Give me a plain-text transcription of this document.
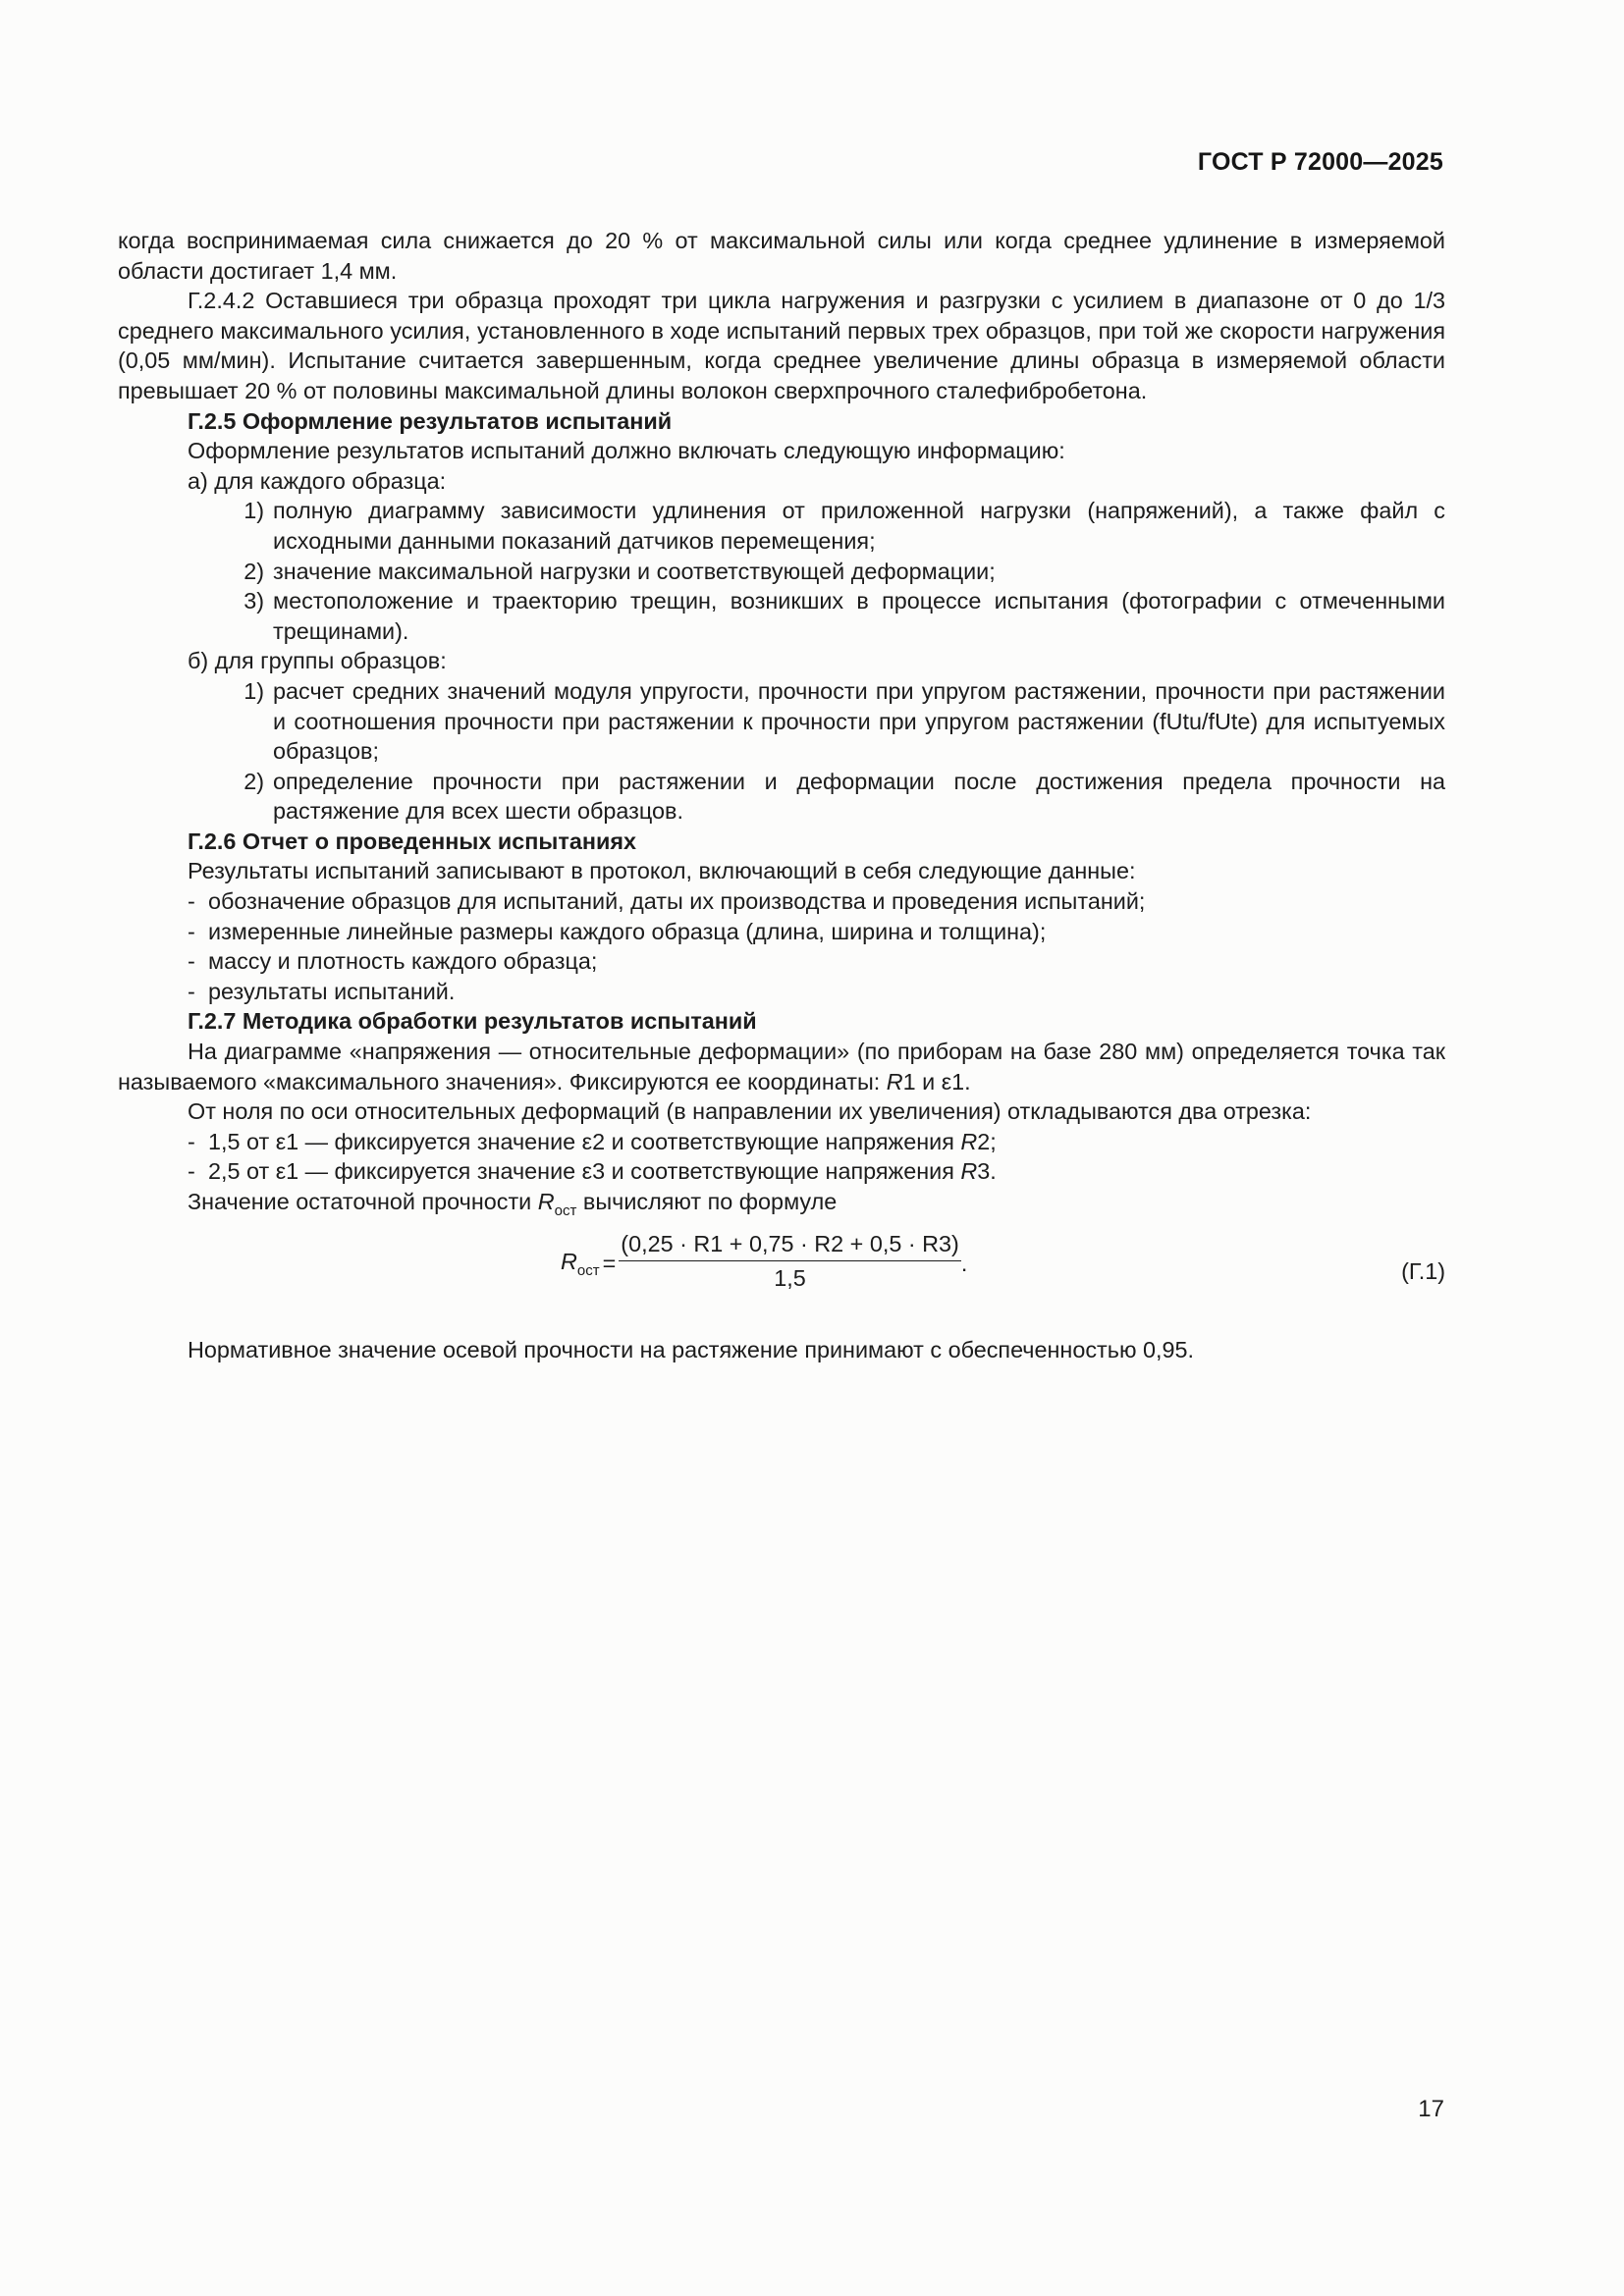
ГОСТ Р 72000—2025

когда воспринимаемая сила снижается до 20 % от максимальной силы или когда среднее удлинение в измеряемой области достигает 1,4 мм.

Г.2.4.2 Оставшиеся три образца проходят три цикла нагружения и разгрузки с усилием в диапазоне от 0 до 1/3 среднего максимального усилия, установленного в ходе испытаний первых трех образцов, при той же скорости нагружения (0,05 мм/мин). Испытание считается завершенным, когда среднее увеличение длины образца в измеряемой области превышает 20 % от половины максимальной длины волокон сверхпрочного сталефибробетона.

Г.2.5 Оформление результатов испытаний

Оформление результатов испытаний должно включать следующую информацию:

а) для каждого образца:

1) полную диаграмму зависимости удлинения от приложенной нагрузки (напряжений), а также файл с исходными данными показаний датчиков перемещения;
2) значение максимальной нагрузки и соответствующей деформации;
3) местоположение и траекторию трещин, возникших в процессе испытания (фотографии с отмеченными трещинами).

б) для группы образцов:

1) расчет средних значений модуля упругости, прочности при упругом растяжении, прочности при растяжении и соотношения прочности при растяжении к прочности при упругом растяжении (fUtu/fUte) для испытуемых образцов;
2) определение прочности при растяжении и деформации после достижения предела прочности на растяжение для всех шести образцов.

Г.2.6 Отчет о проведенных испытаниях

Результаты испытаний записывают в протокол, включающий в себя следующие данные:

- обозначение образцов для испытаний, даты их производства и проведения испытаний;
- измеренные линейные размеры каждого образца (длина, ширина и толщина);
- массу и плотность каждого образца;
- результаты испытаний.

Г.2.7 Методика обработки результатов испытаний

На диаграмме «напряжения — относительные деформации» (по приборам на базе 280 мм) определяется точка так называемого «максимального значения». Фиксируются ее координаты: R1 и ε1.

От ноля по оси относительных деформаций (в направлении их увеличения) откладываются два отрезка:

- 1,5 от ε1 — фиксируется значение ε2 и соответствующие напряжения R2;
- 2,5 от ε1 — фиксируется значение ε3 и соответствующие напряжения R3.

Значение остаточной прочности $R_{ост}$ вычисляют по формуле

$R_{ост} = \frac{(0,25 \cdot R1 + 0,75 \cdot R2 + 0,5 \cdot R3)}{1,5}$ .	(Г.1)

Нормативное значение осевой прочности на растяжение принимают с обеспеченностью 0,95.

17
